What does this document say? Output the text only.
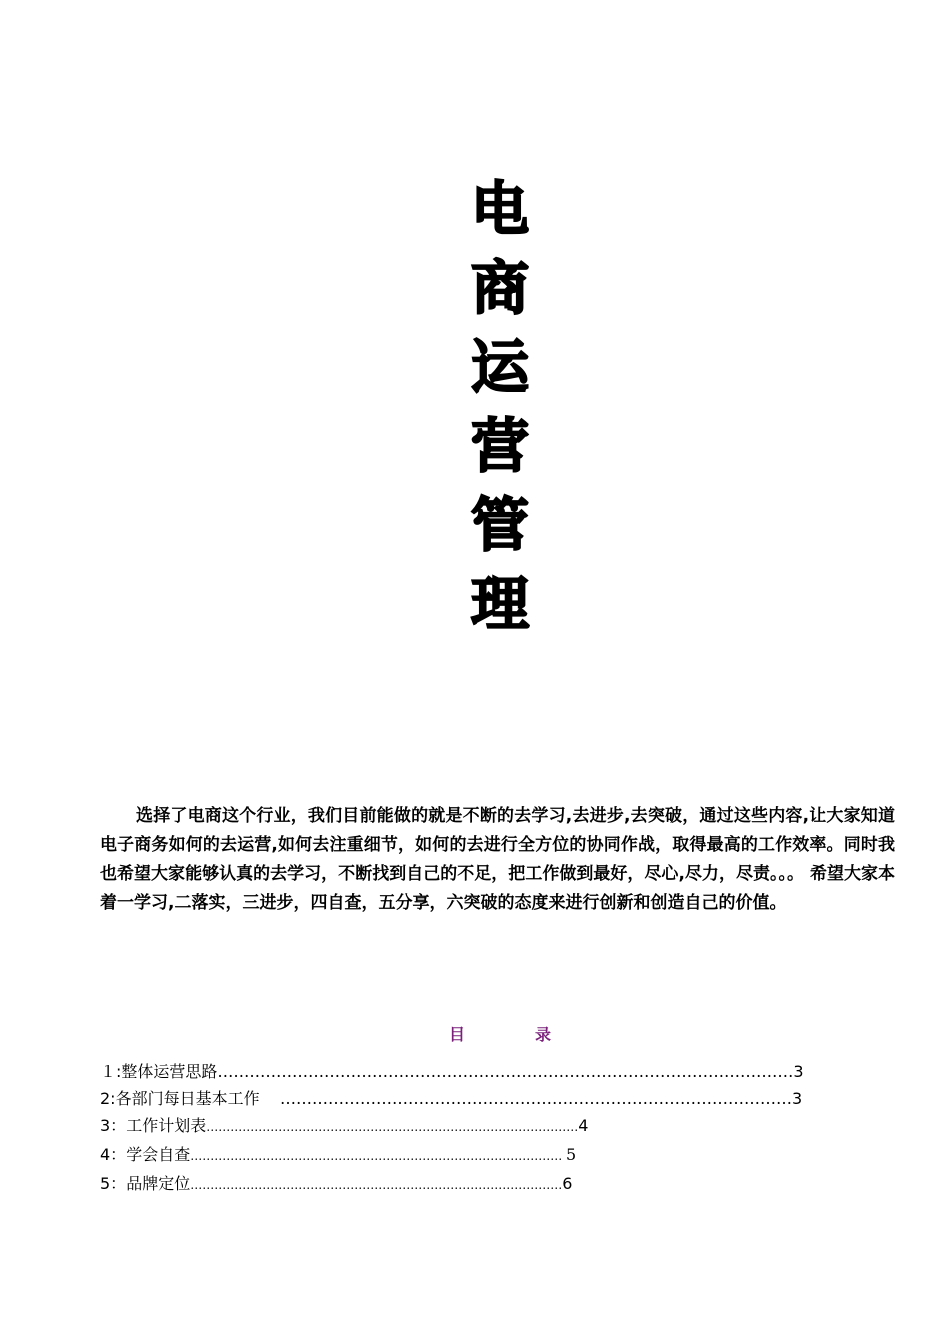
电
商
运
营
管
理

选择了电商这个行业，我们目前能做的就是不断的去学习,去进步,去突破，通过这些内容,让大家知道电子商务如何的去运营,如何去注重细节，如何的去进行全方位的协同作战，取得最高的工作效率。同时我也希望大家能够认真的去学习，不断找到自己的不足，把工作做到最好，尽心,尽力，尽责。。。 希望大家本着一学习,二落实，三进步，四自查，五分享，六突破的态度来进行创新和创造自己的价值。

目录
１:整体运营思路………………………………………………………………………………………………3
2:各部门每日基本工作    ……………………………………………………………………………………3
3：工作计划表…………………………………………………………………………………4
4：学会自查………………………………………………………………………………… 5
5：品牌定位…………………………………………………………………………………6
